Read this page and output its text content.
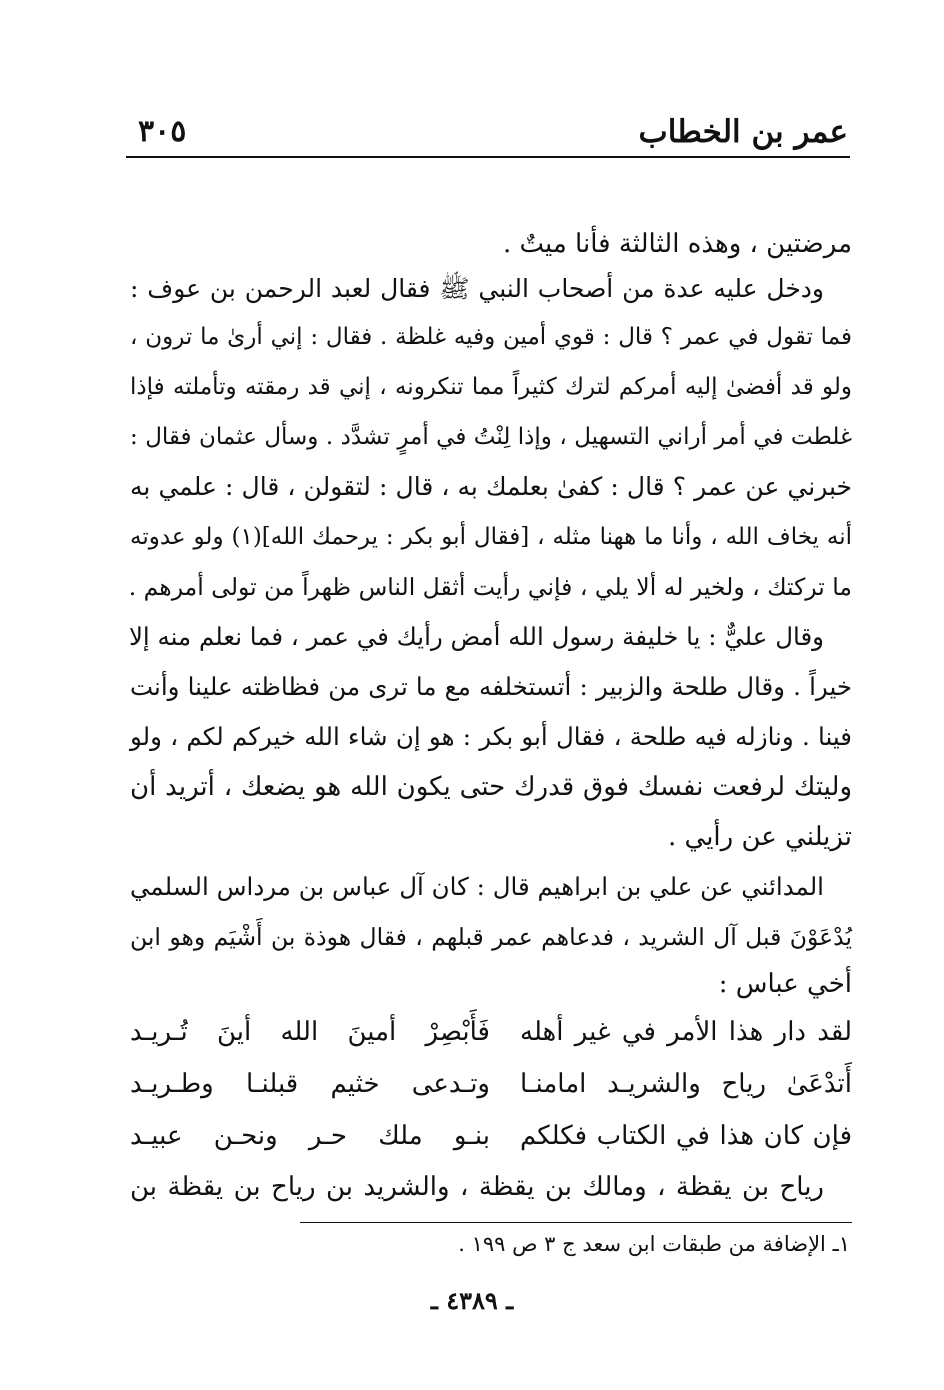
عمر بن الخطاب
٣٠٥
مرضتين ، وهذه الثالثة فأنا ميتٌ .
ودخل عليه عدة من أصحاب النبي ﷺ فقال لعبد الرحمن بن عوف :
فما تقول في عمر ؟ قال : قوي أمين وفيه غلظة . فقال : إني أرىٰ ما ترون ،
ولو قد أفضىٰ إليه أمركم لترك كثيراً مما تنكرونه ، إني قد رمقته وتأملته فإذا
غلطت في أمر أراني التسهيل ، وإذا لِنْتُ في أمرٍ تشدَّد . وسأل عثمان فقال :
خبرني عن عمر ؟ قال : كفىٰ بعلمك به ، قال : لتقولن ، قال : علمي به
أنه يخاف الله ، وأنا ما ههنا مثله ، [فقال أبو بكر : يرحمك الله](١) ولو عدوته
ما تركتك ، ولخير له ألا يلي ، فإني رأيت أثقل الناس ظهراً من تولى أمرهم .
وقال عليٌّ : يا خليفة رسول الله أمض رأيك في عمر ، فما نعلم منه إلا
خيراً . وقال طلحة والزبير : أتستخلفه مع ما ترى من فظاظته علينا وأنت
فينا . ونازله فيه طلحة ، فقال أبو بكر : هو إن شاء الله خيركم لكم ، ولو
وليتك لرفعت نفسك فوق قدرك حتى يكون الله هو يضعك ، أتريد أن
تزيلني عن رأيي .
المدائني عن علي بن ابراهيم قال : كان آل عباس بن مرداس السلمي
يُدْعَوْنَ قبل آل الشريد ، فدعاهم عمر قبلهم ، فقال هوذة بن أَشْيَم وهو ابن
أخي عباس :
لقد دار هذا الأمر في غير أهله
فَأَبْصِرْ أمينَ الله أينَ تُـريـد
أَتدْعَىٰ رياح والشريـد امامنـا
وتـدعى خثيم قبلنـا وطـريـد
فإن كان هذا في الكتاب فكلكم
بنـو ملك حـر ونحـن عبيـد
رياح بن يقظة ، ومالك بن يقظة ، والشريد بن رياح بن يقظة بن
١ـ الإضافة من طبقات ابن سعد ج ٣ ص ١٩٩ .
ـ ٤٣٨٩ ـ
